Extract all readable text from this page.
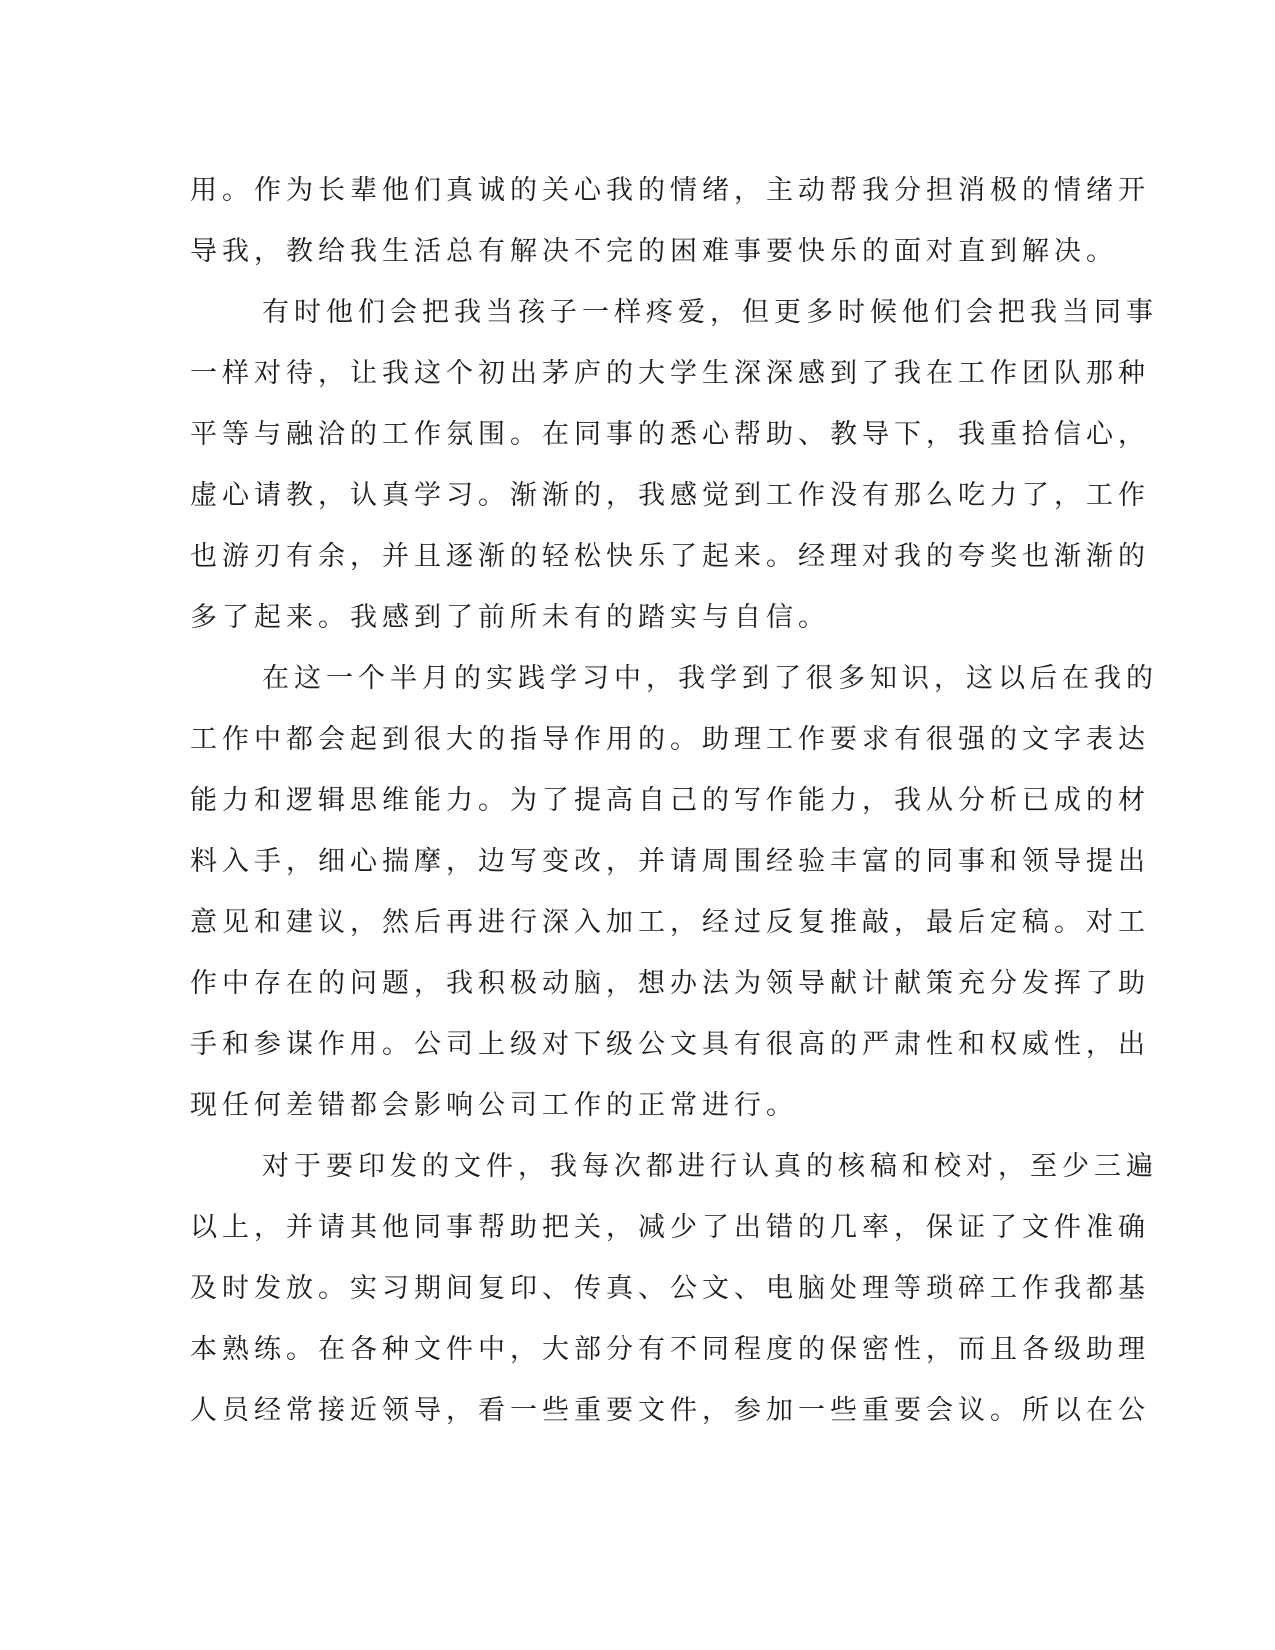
用。作为长辈他们真诚的关心我的情绪，主动帮我分担消极的情绪开
导我，教给我生活总有解决不完的困难事要快乐的面对直到解决。
有时他们会把我当孩子一样疼爱，但更多时候他们会把我当同事
一样对待，让我这个初出茅庐的大学生深深感到了我在工作团队那种
平等与融洽的工作氛围。在同事的悉心帮助、教导下，我重拾信心，
虚心请教，认真学习。渐渐的，我感觉到工作没有那么吃力了，工作
也游刃有余，并且逐渐的轻松快乐了起来。经理对我的夸奖也渐渐的
多了起来。我感到了前所未有的踏实与自信。
在这一个半月的实践学习中，我学到了很多知识，这以后在我的
工作中都会起到很大的指导作用的。助理工作要求有很强的文字表达
能力和逻辑思维能力。为了提高自己的写作能力，我从分析已成的材
料入手，细心揣摩，边写变改，并请周围经验丰富的同事和领导提出
意见和建议，然后再进行深入加工，经过反复推敲，最后定稿。对工
作中存在的问题，我积极动脑，想办法为领导献计献策充分发挥了助
手和参谋作用。公司上级对下级公文具有很高的严肃性和权威性，出
现任何差错都会影响公司工作的正常进行。
对于要印发的文件，我每次都进行认真的核稿和校对，至少三遍
以上，并请其他同事帮助把关，减少了出错的几率，保证了文件准确
及时发放。实习期间复印、传真、公文、电脑处理等琐碎工作我都基
本熟练。在各种文件中，大部分有不同程度的保密性，而且各级助理
人员经常接近领导，看一些重要文件，参加一些重要会议。所以在公
